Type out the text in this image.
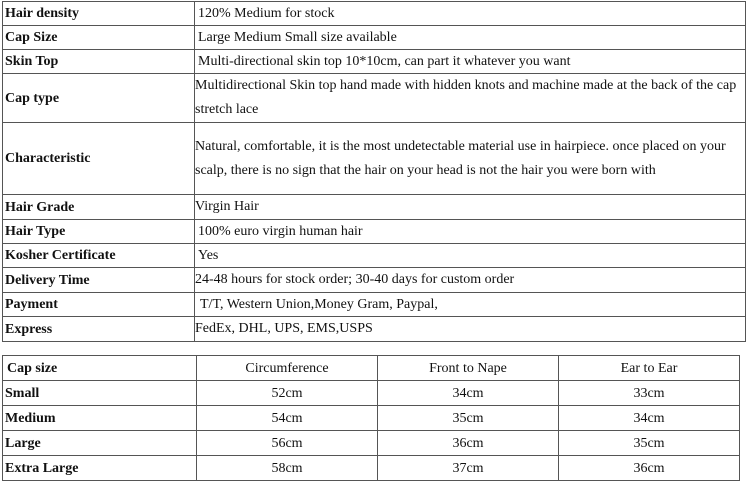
Hair density	120% Medium for stock
Cap Size	Large Medium Small size available
Skin Top	Multi-directional skin top 10*10cm, can part it whatever you want
Cap type	Multidirectional Skin top hand made with hidden knots and machine made at the back of the cap stretch lace
Characteristic	Natural, comfortable, it is the most undetectable material use in hairpiece. once placed on your scalp, there is no sign that the hair on your head is not the hair you were born with
Hair Grade	Virgin Hair
Hair Type	100% euro virgin human hair
Kosher Certificate	Yes
Delivery Time	24-48 hours for stock order; 30-40 days for custom order
Payment	T/T, Western Union,Money Gram, Paypal,
Express	FedEx, DHL, UPS, EMS,USPS
Cap size	Circumference	Front to Nape	Ear to Ear
Small	52cm	34cm	33cm
Medium	54cm	35cm	34cm
Large	56cm	36cm	35cm
Extra Large	58cm	37cm	36cm
